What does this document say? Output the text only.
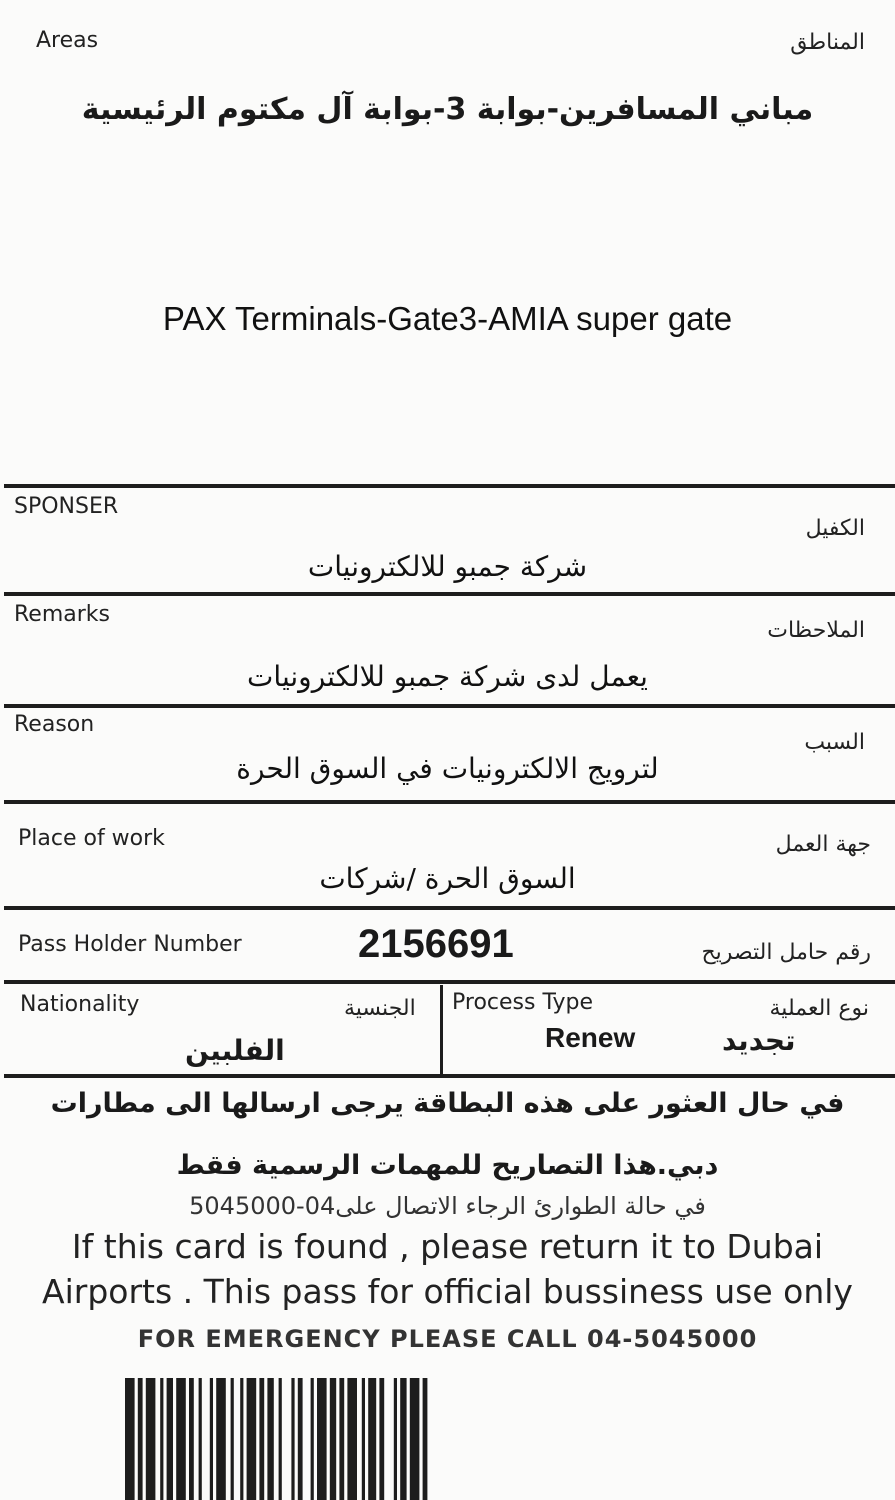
Areas	المناطق
مباني المسافرين-بوابة 3-بوابة آل مكتوم الرئيسية
PAX Terminals-Gate3-AMIA super gate
SPONSER
الكفيل
شركة جمبو للالكترونيات
Remarks
الملاحظات
يعمل لدى شركة جمبو للالكترونيات
Reason
السبب
لترويج الالكترونيات في السوق الحرة
Place of work	جهة العمل
السوق الحرة /شركات
Pass Holder Number	2156691	رقم حامل التصريح
Nationality	الجنسية
الفلبين
Process Type	نوع العملية
Renew	تجديد
في حال العثور على هذه البطاقة يرجى ارسالها الى مطارات
دبي.هذا التصاريح للمهمات الرسمية فقط
في حالة الطوارئ الرجاء الاتصال على04-5045000
If this card is found , please return it to Dubai
Airports . This pass for official bussiness use only
FOR EMERGENCY PLEASE CALL 04-5045000
